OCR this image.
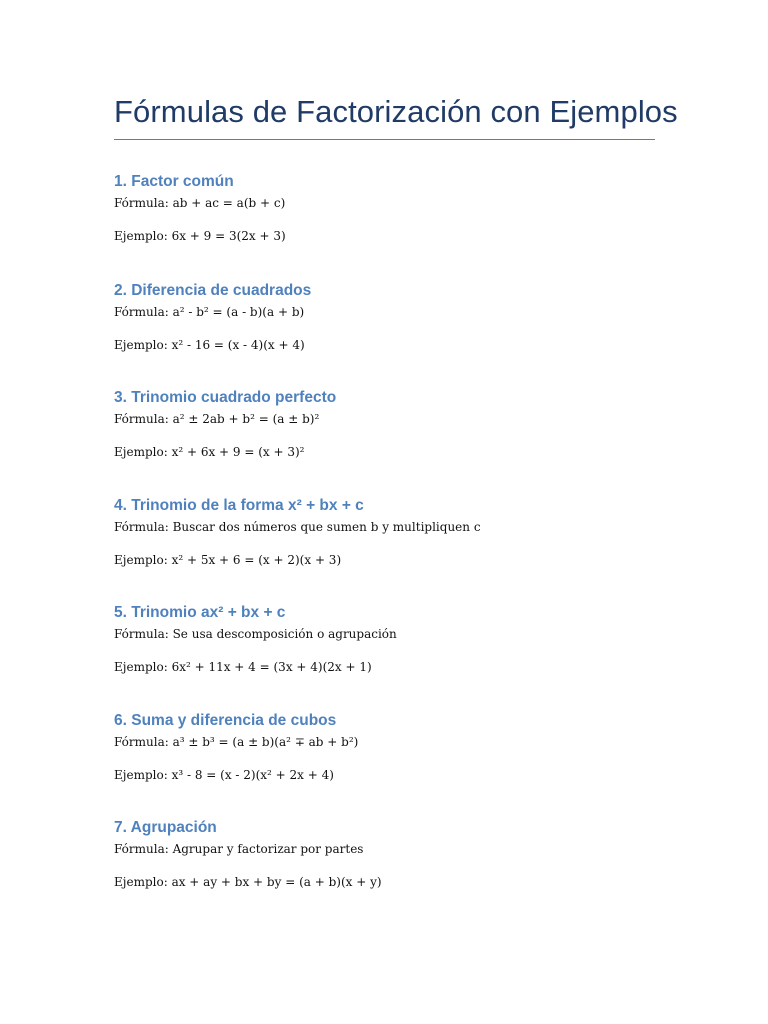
Fórmulas de Factorización con Ejemplos
1. Factor común
Fórmula: ab + ac = a(b + c)
Ejemplo: 6x + 9 = 3(2x + 3)
2. Diferencia de cuadrados
Fórmula: a² - b² = (a - b)(a + b)
Ejemplo: x² - 16 = (x - 4)(x + 4)
3. Trinomio cuadrado perfecto
Fórmula: a² ± 2ab + b² = (a ± b)²
Ejemplo: x² + 6x + 9 = (x + 3)²
4. Trinomio de la forma x² + bx + c
Fórmula: Buscar dos números que sumen b y multipliquen c
Ejemplo: x² + 5x + 6 = (x + 2)(x + 3)
5. Trinomio ax² + bx + c
Fórmula: Se usa descomposición o agrupación
Ejemplo: 6x² + 11x + 4 = (3x + 4)(2x + 1)
6. Suma y diferencia de cubos
Fórmula: a³ ± b³ = (a ± b)(a² ∓ ab + b²)
Ejemplo: x³ - 8 = (x - 2)(x² + 2x + 4)
7. Agrupación
Fórmula: Agrupar y factorizar por partes
Ejemplo: ax + ay + bx + by = (a + b)(x + y)
